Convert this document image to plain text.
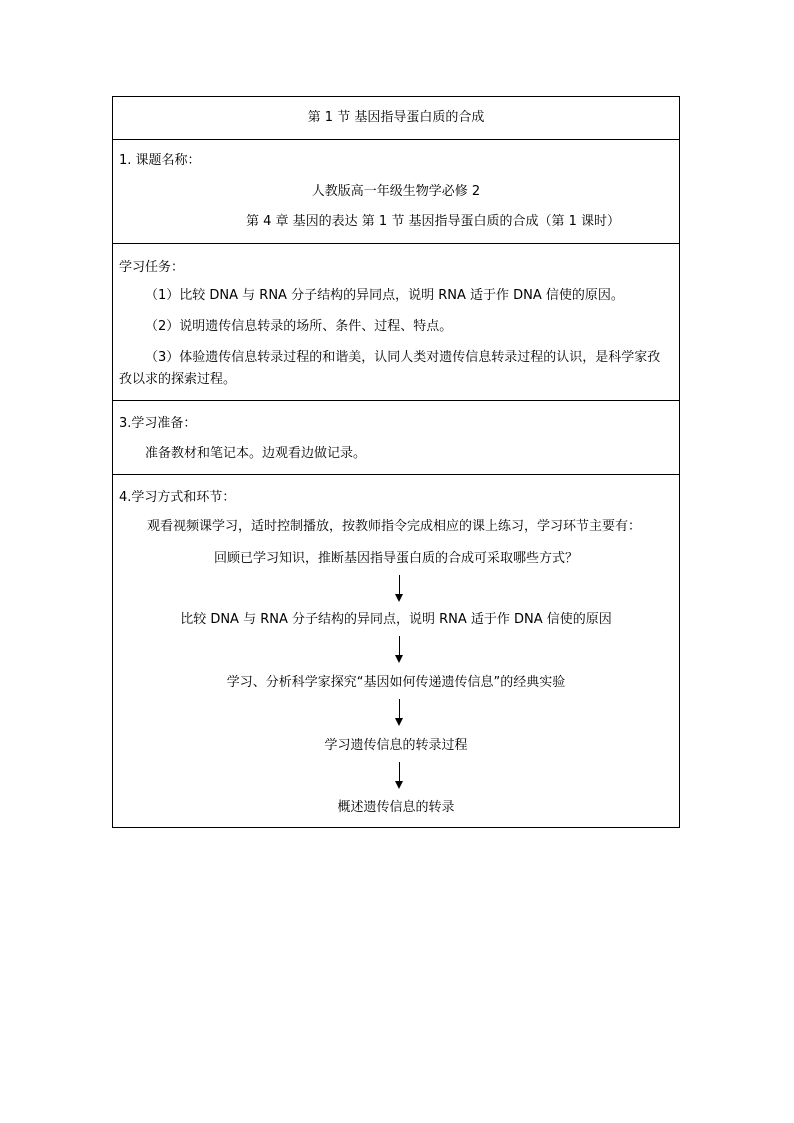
第 1 节 基因指导蛋白质的合成
1. 课题名称：
人教版高一年级生物学必修 2
第 4 章 基因的表达 第 1 节 基因指导蛋白质的合成（第 1 课时）
学习任务：
（1）比较 DNA 与 RNA 分子结构的异同点，说明 RNA 适于作 DNA 信使的原因。
（2）说明遗传信息转录的场所、条件、过程、特点。
（3）体验遗传信息转录过程的和谐美，认同人类对遗传信息转录过程的认识，是科学家孜孜以求的探索过程。
3.学习准备：
准备教材和笔记本。边观看边做记录。
4.学习方式和环节：
观看视频课学习，适时控制播放，按教师指令完成相应的课上练习，学习环节主要有：
回顾已学习知识，推断基因指导蛋白质的合成可采取哪些方式？
比较 DNA 与 RNA 分子结构的异同点，说明 RNA 适于作 DNA 信使的原因
学习、分析科学家探究“基因如何传递遗传信息”的经典实验
学习遗传信息的转录过程
概述遗传信息的转录
